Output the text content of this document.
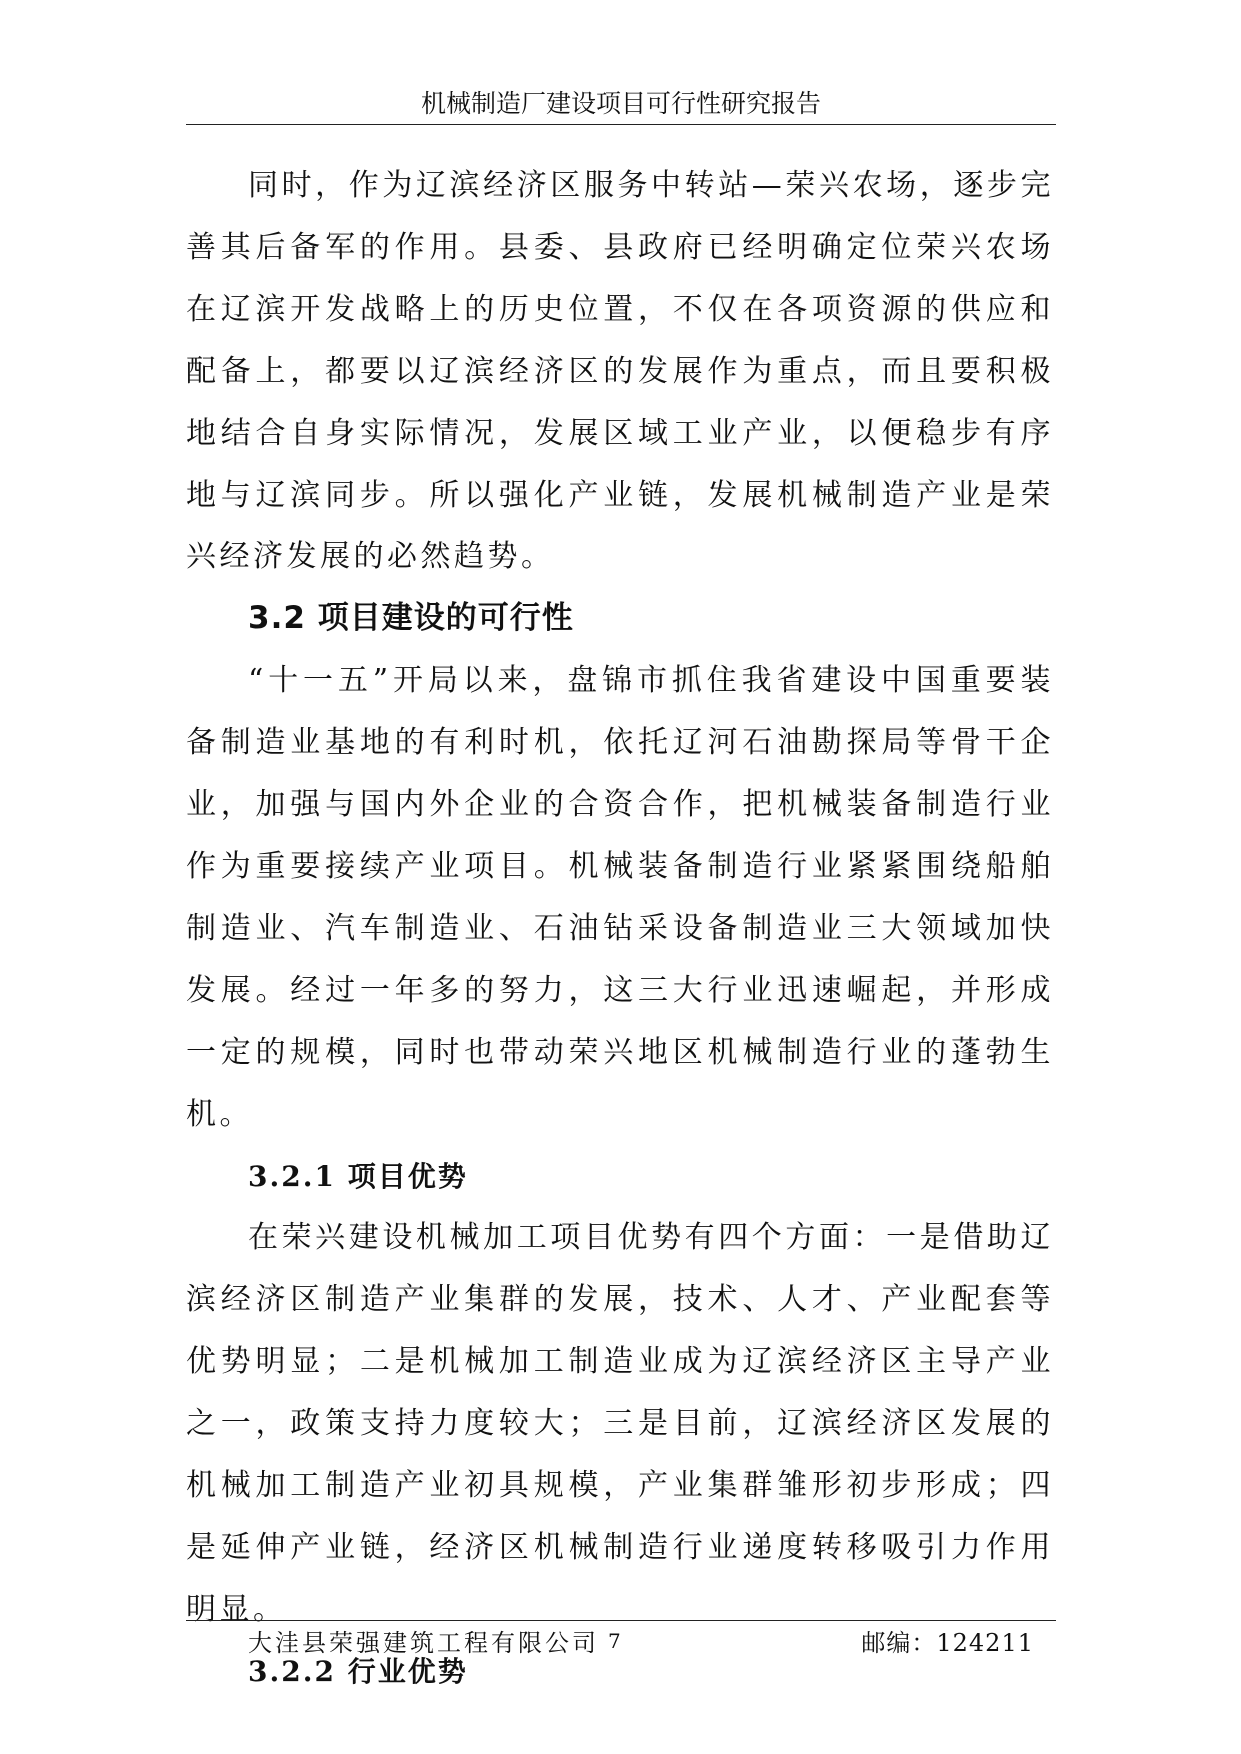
机械制造厂建设项目可行性研究报告

同时，作为辽滨经济区服务中转站—荣兴农场，逐步完善其后备军的作用。县委、县政府已经明确定位荣兴农场在辽滨开发战略上的历史位置，不仅在各项资源的供应和配备上，都要以辽滨经济区的发展作为重点，而且要积极地结合自身实际情况，发展区域工业产业，以便稳步有序地与辽滨同步。所以强化产业链，发展机械制造产业是荣兴经济发展的必然趋势。

3.2 项目建设的可行性

“十一五”开局以来，盘锦市抓住我省建设中国重要装备制造业基地的有利时机，依托辽河石油勘探局等骨干企业，加强与国内外企业的合资合作，把机械装备制造行业作为重要接续产业项目。机械装备制造行业紧紧围绕船舶制造业、汽车制造业、石油钻采设备制造业三大领域加快发展。经过一年多的努力，这三大行业迅速崛起，并形成一定的规模，同时也带动荣兴地区机械制造行业的蓬勃生机。

3.2.1 项目优势

在荣兴建设机械加工项目优势有四个方面：一是借助辽滨经济区制造产业集群的发展，技术、人才、产业配套等优势明显；二是机械加工制造业成为辽滨经济区主导产业之一，政策支持力度较大；三是目前，辽滨经济区发展的机械加工制造产业初具规模，产业集群雏形初步形成；四是延伸产业链，经济区机械制造行业递度转移吸引力作用明显。

3.2.2 行业优势
大洼县荣强建筑工程有限公司 7	邮编：124211
